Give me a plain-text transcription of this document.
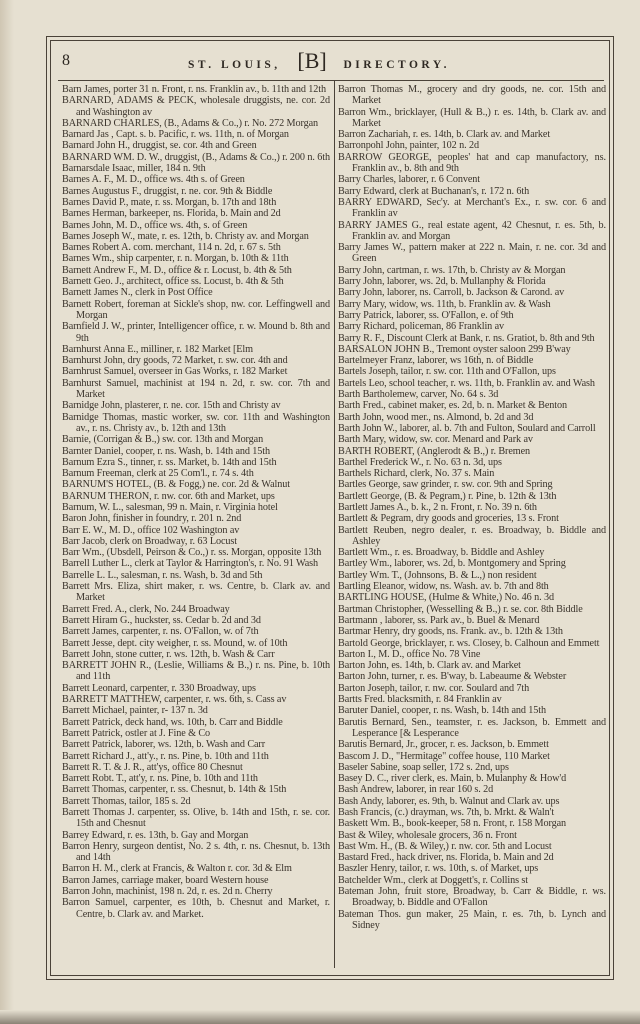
8	ST. LOUIS, [B] DIRECTORY.
Barn James, porter 31 n. Front, r. ns. Franklin av., b. 11th and 12th
BARNARD, ADAMS & PECK, wholesale druggists, ne. cor. 2d and Washington av
BARNARD CHARLES, (B., Adams & Co.,) r. No. 272 Morgan
Barnard Jas , Capt. s. b. Pacific, r. ws. 11th, n. of Morgan
Barnard John H., druggist, se. cor. 4th and Green
BARNARD WM. D. W., druggist, (B., Adams & Co.,) r. 200 n. 6th
Barnarsdale Isaac, miller, 184 n. 9th
Barnes A. F., M. D., office ws. 4th s. of Green
Barnes Augustus F., druggist, r. ne. cor. 9th & Biddle
Barnes David P., mate, r. ss. Morgan, b. 17th and 18th
Barnes Herman, barkeeper, ns. Florida, b. Main and 2d
Barnes John, M. D., office ws. 4th, s. of Green
Barnes Joseph W., mate, r. es. 12th, b. Christy av. and Morgan
Barnes Robert A. com. merchant, 114 n. 2d, r. 67 s. 5th
Barnes Wm., ship carpenter, r. n. Morgan, b. 10th & 11th
Barnett Andrew F., M. D., office & r. Locust, b. 4th & 5th
Barnett Geo. J., architect, office ss. Locust, b. 4th & 5th
Barnett James N., clerk in Post Office
Barnett Robert, foreman at Sickle's shop, nw. cor. Leffingwell and Morgan
Barnfield J. W., printer, Intelligencer office, r. w. Mound b. 8th and 9th
Barnhurst Anna E., milliner, r. 182 Market [Elm
Barnhurst John, dry goods, 72 Market, r. sw. cor. 4th and
Barnhrust Samuel, overseer in Gas Works, r. 182 Market
Barnhurst Samuel, machinist at 194 n. 2d, r. sw. cor. 7th and Market
Barnidge John, plasterer, r. ne. cor. 15th and Christy av
Barnidge Thomas, mastic worker, sw. cor. 11th and Washington av., r. ns. Christy av., b. 12th and 13th
Barnie, (Corrigan & B.,) sw. cor. 13th and Morgan
Barnter Daniel, cooper, r. ns. Wash, b. 14th and 15th
Barnum Ezra S., tinner, r. ss. Market, b. 14th and 15th
Barnum Freeman, clerk at 25 Com'l., r. 74 s. 4th
BARNUM'S HOTEL, (B. & Fogg,) ne. cor. 2d & Walnut
BARNUM THERON, r. nw. cor. 6th and Market, ups
Barnum, W. L., salesman, 99 n. Main, r. Virginia hotel
Baron John, finisher in foundry, r. 201 n. 2nd
Barr E. W., M. D., office 102 Washington av
Barr Jacob, clerk on Broadway, r. 63 Locust
Barr Wm., (Ubsdell, Peirson & Co.,) r. ss. Morgan, opposite 13th
Barrell Luther L., clerk at Taylor & Harrington's, r. No. 91 Wash
Barrelle L. L., salesman, r. ns. Wash, b. 3d and 5th
Barrett Mrs. Eliza, shirt maker, r. ws. Centre, b. Clark av. and Market
Barrett Fred. A., clerk, No. 244 Broadway
Barrett Hiram G., huckster, ss. Cedar b. 2d and 3d
Barrett James, carpenter, r. ns. O'Fallon, w. of 7th
Barrett Jesse, dept. city weigher, r. ss. Mound, w. of 10th
Barrett John, stone cutter, r. ws. 12th, b. Wash & Carr
BARRETT JOHN R., (Leslie, Williams & B.,) r. ns. Pine, b. 10th and 11th
Barrett Leonard, carpenter, r. 330 Broadway, ups
BARRETT MATTHEW, carpenter, r. ws. 6th, s. Cass av
Barrett Michael, painter, r- 137 n. 3d
Barrett Patrick, deck hand, ws. 10th, b. Carr and Biddle
Barrett Patrick, ostler at J. Fine & Co
Barrett Patrick, laborer, ws. 12th, b. Wash and Carr
Barrett Richard J., att'y., r. ns. Pine, b. 10th and 11th
Barrett R. T. & J. R., att'ys, office 80 Chesnut
Barrett Robt. T., att'y, r. ns. Pine, b. 10th and 11th
Barrett Thomas, carpenter, r. ss. Chesnut, b. 14th & 15th
Barrett Thomas, tailor, 185 s. 2d
Barrett Thomas J. carpenter, ss. Olive, b. 14th and 15th, r. se. cor. 15th and Chesnut
Barrey Edward, r. es. 13th, b. Gay and Morgan
Barron Henry, surgeon dentist, No. 2 s. 4th, r. ns. Chesnut, b. 13th and 14th
Barron H. M., clerk at Francis, & Walton r. cor. 3d & Elm
Barron James, carriage maker, board Western house
Barron John, machinist, 198 n. 2d, r. es. 2d n. Cherry
Barron Samuel, carpenter, es 10th, b. Chesnut and Market, r. Centre, b. Clark av. and Market.
Barron Thomas M., grocery and dry goods, ne. cor. 15th and Market
Barron Wm., bricklayer, (Hull & B.,) r. es. 14th, b. Clark av. and Market
Barron Zachariah, r. es. 14th, b. Clark av. and Market
Barronpohl John, painter, 102 n. 2d
BARROW GEORGE, peoples' hat and cap manufactory, ns. Franklin av., b. 8th and 9th
Barry Charles, laborer, r. 6 Convent
Barry Edward, clerk at Buchanan's, r. 172 n. 6th
BARRY EDWARD, Sec'y. at Merchant's Ex., r. sw. cor. 6 and Franklin av
BARRY JAMES G., real estate agent, 42 Chesnut, r. es. 5th, b. Franklin av. and Morgan
Barry James W., pattern maker at 222 n. Main, r. ne. cor. 3d and Green
Barry John, cartman, r. ws. 17th, b. Christy av & Morgan
Barry John, laborer, ws. 2d, b. Mullanphy & Florida
Barry John, laborer, ns. Carroll, b. Jackson & Carond. av
Barry Mary, widow, ws. 11th, b. Franklin av. & Wash
Barry Patrick, laborer, ss. O'Fallon, e. of 9th
Barry Richard, policeman, 86 Franklin av
Barry R. F., Discount Clerk at Bank, r. ns. Gratiot, b. 8th and 9th
BARSALON JOHN B., Tremont oyster saloon 299 B'way
Bartelmeyer Franz, laborer, ws 16th, n. of Biddle
Bartels Joseph, tailor, r. sw. cor. 11th and O'Fallon, ups
Bartels Leo, school teacher, r. ws. 11th, b. Franklin av. and Wash
Barth Bartholemew, carver, No. 64 s. 3d
Barth Fred., cabinet maker, es. 2d, b. n. Market & Benton
Barth John, wood mer., ns. Almond, b. 2d and 3d
Barth John W., laborer, al. b. 7th and Fulton, Soulard and Carroll
Barth Mary, widow, sw. cor. Menard and Park av
BARTH ROBERT, (Anglerodt & B.,) r. Bremen
Barthel Frederick W., r. No. 63 n. 3d, ups
Barthels Richard, clerk, No. 37 s. Main
Bartles George, saw grinder, r. sw. cor. 9th and Spring
Bartlett George, (B. & Pegram,) r. Pine, b. 12th & 13th
Bartlett James A., b. k., 2 n. Front, r. No. 39 n. 6th
Bartlett & Pegram, dry goods and groceries, 13 s. Front
Bartlett Reuben, negro dealer, r. es. Broadway, b. Biddle and Ashley
Bartlett Wm., r. es. Broadway, b. Biddle and Ashley
Bartley Wm., laborer, ws. 2d, b. Montgomery and Spring
Bartley Wm. T., (Johnsons, B. & L.,) non resident
Bartling Eleanor, widow, ns. Wash. av. b. 7th and 8th
BARTLING HOUSE, (Hulme & White,) No. 46 n. 3d
Bartman Christopher, (Wesselling & B.,) r. se. cor. 8th Biddle
Bartmann , laborer, ss. Park av., b. Buel & Menard
Bartmar Henry, dry goods, ns. Frank. av., b. 12th & 13th
Bartold George, bricklayer, r. ws. Closey, b. Calhoun and Emmett
Barton I., M. D., office No. 78 Vine
Barton John, es. 14th, b. Clark av. and Market
Barton John, turner, r. es. B'way, b. Labeaume & Webster
Barton Joseph, tailor, r. nw. cor. Soulard and 7th
Bartts Fred. blacksmith, r. 84 Franklin av
Baruter Daniel, cooper, r. ns. Wash, b. 14th and 15th
Barutis Bernard, Sen., teamster, r. es. Jackson, b. Emmett and Lesperance [& Lesperance
Barutis Bernard, Jr., grocer, r. es. Jackson, b. Emmett
Bascom J. D., "Hermitage" coffee house, 110 Market
Baseler Sabine, soap seller, 172 s. 2nd, ups
Basey D. C., river clerk, es. Main, b. Mulanphy & How'd
Bash Andrew, laborer, in rear 160 s. 2d
Bash Andy, laborer, es. 9th, b. Walnut and Clark av. ups
Bash Francis, (c.) drayman, ws. 7th, b. Mrkt. & Waln't
Baskett Wm. B., book-keeper, 58 n. Front, r. 158 Morgan
Bast & Wiley, wholesale grocers, 36 n. Front
Bast Wm. H., (B. & Wiley,) r. nw. cor. 5th and Locust
Bastard Fred., hack driver, ns. Florida, b. Main and 2d
Baszler Henry, tailor, r. ws. 10th, s. of Market, ups
Batchelder Wm., clerk at Doggett's, r. Collins st
Bateman John, fruit store, Broadway, b. Carr & Biddle, r. ws. Broadway, b. Biddle and O'Fallon
Bateman Thos. gun maker, 25 Main, r. es. 7th, b. Lynch and Sidney
